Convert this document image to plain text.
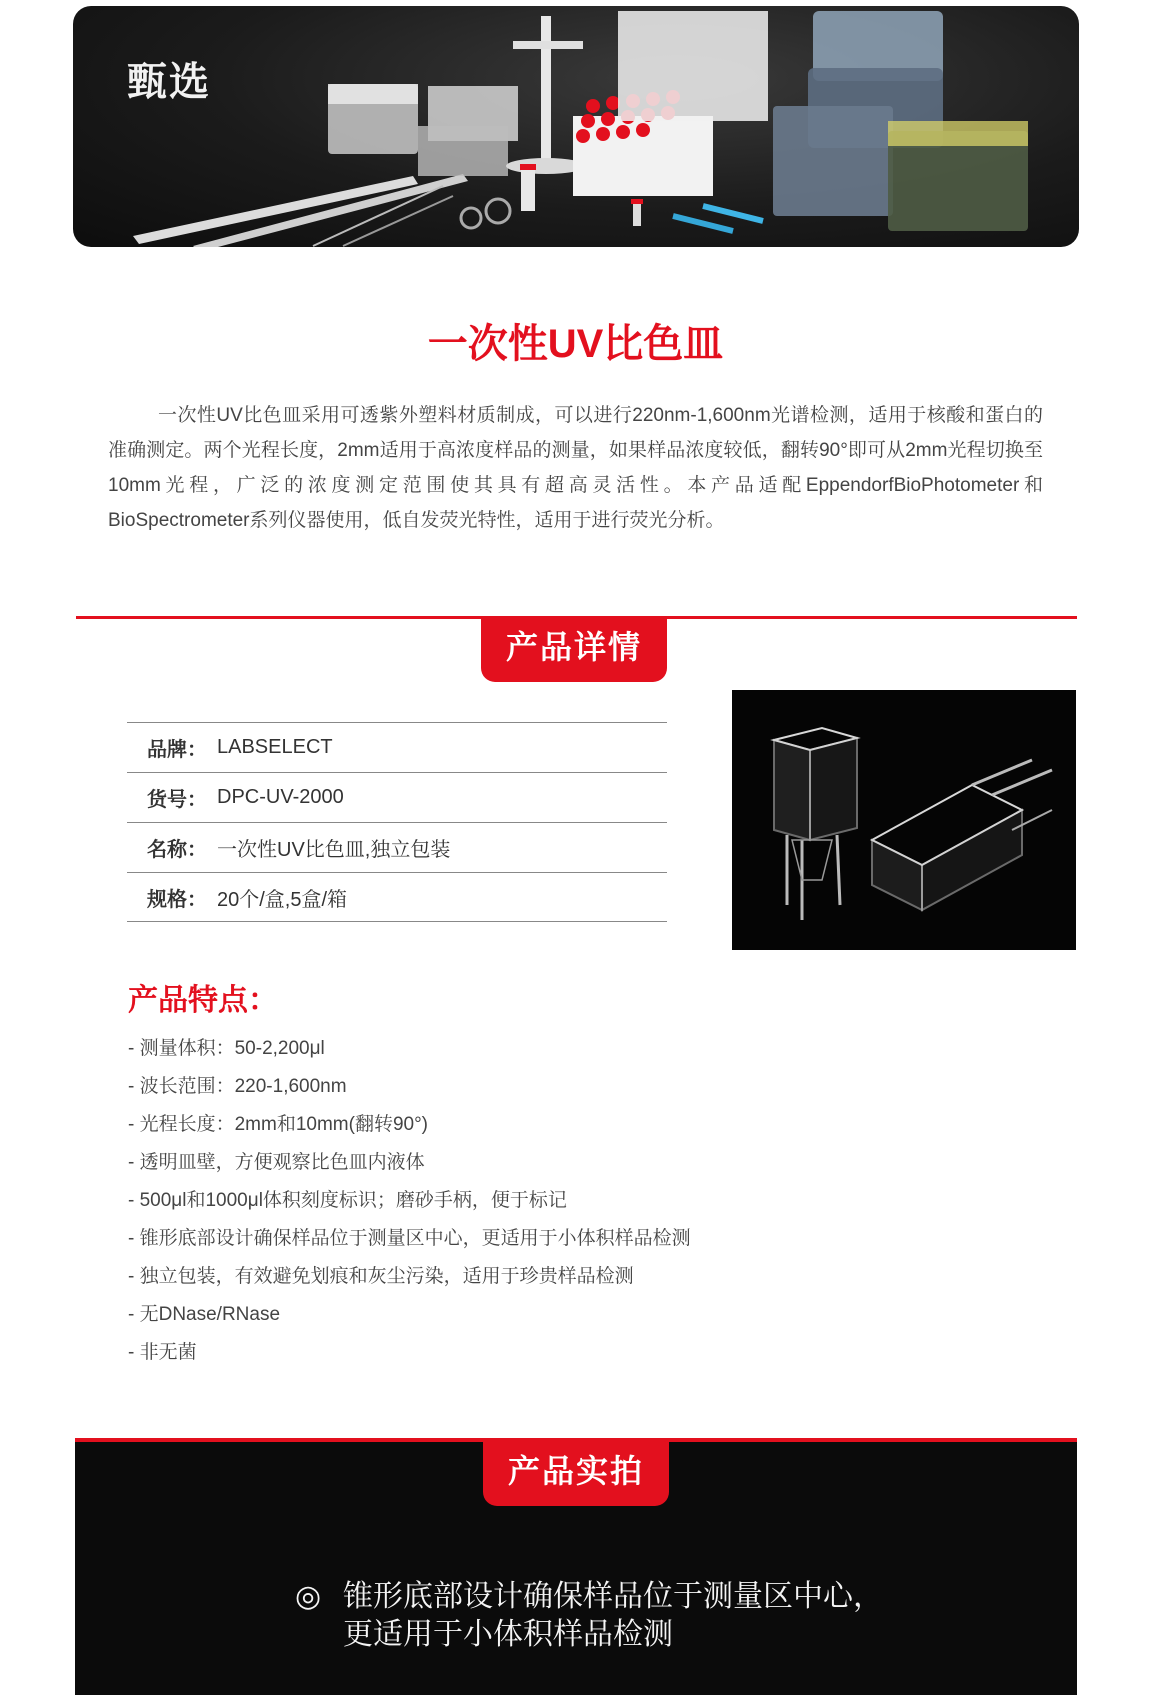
甄选
一次性UV比色皿

一次性UV比色皿采用可透紫外塑料材质制成，可以进行220nm-1,600nm光谱检测，适用于核酸和蛋白的准确测定。两个光程长度，2mm适用于高浓度样品的测量，如果样品浓度较低，翻转90°即可从2mm光程切换至10mm光程，广泛的浓度测定范围使其具有超高灵活性。本产品适配EppendorfBioPhotometer和BioSpectrometer系列仪器使用，低自发荧光特性，适用于进行荧光分析。

产品详情
品牌： LABSELECT
货号： DPC-UV-2000
名称： 一次性UV比色皿,独立包装
规格： 20个/盒,5盒/箱
产品特点：
- 测量体积：50-2,200μl
- 波长范围：220-1,600nm
- 光程长度：2mm和10mm(翻转90°)
- 透明皿壁，方便观察比色皿内液体
- 500μl和1000μl体积刻度标识；磨砂手柄，便于标记
- 锥形底部设计确保样品位于测量区中心，更适用于小体积样品检测
- 独立包装，有效避免划痕和灰尘污染，适用于珍贵样品检测
- 无DNase/RNase
- 非无菌
产品实拍
◎ 锥形底部设计确保样品位于测量区中心，
更适用于小体积样品检测
